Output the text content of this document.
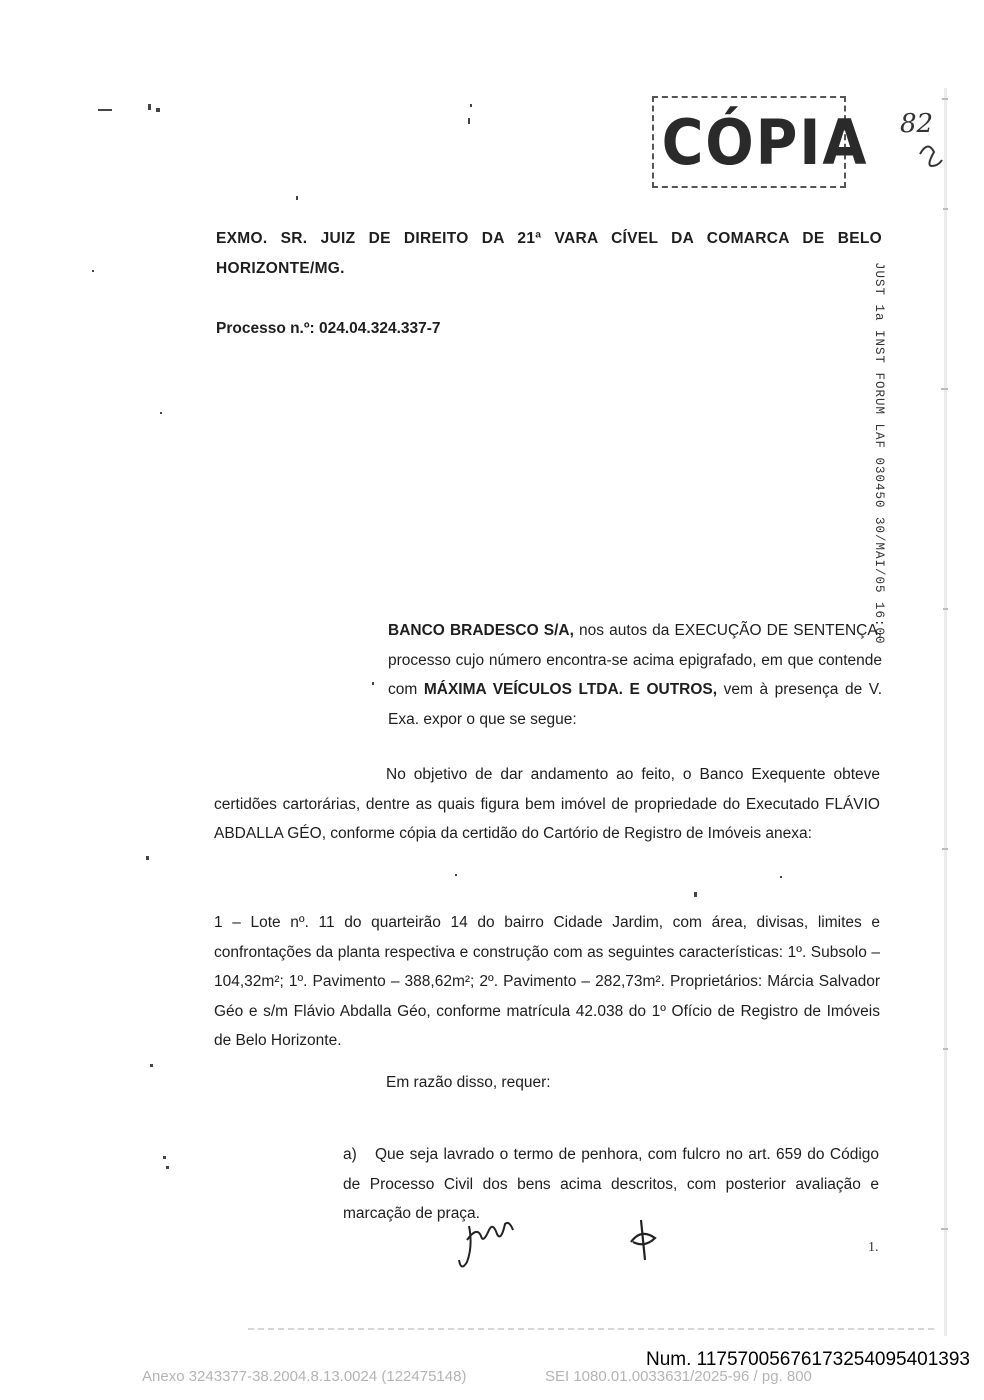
CÓPIA 82
EXMO. SR. JUIZ DE DIREITO DA 21ª VARA CÍVEL DA COMARCA DE BELO
HORIZONTE/MG.
Processo n.º: 024.04.324.337-7	JUST 1a INST FORUM LAF 030450 30/MAI/05 16:00
BANCO BRADESCO S/A, nos autos da EXECUÇÃO DE SENTENÇA, processo cujo número encontra-se acima epigrafado, em que contende com MÁXIMA VEÍCULOS LTDA. E OUTROS, vem à presença de V. Exa. expor o que se segue:
No objetivo de dar andamento ao feito, o Banco Exequente obteve certidões cartorárias, dentre as quais figura bem imóvel de propriedade do Executado FLÁVIO ABDALLA GÉO, conforme cópia da certidão do Cartório de Registro de Imóveis anexa:
1 – Lote nº. 11 do quarteirão 14 do bairro Cidade Jardim, com área, divisas, limites e confrontações da planta respectiva e construção com as seguintes características: 1º. Subsolo – 104,32m²; 1º. Pavimento – 388,62m²; 2º. Pavimento – 282,73m². Proprietários: Márcia Salvador Géo e s/m Flávio Abdalla Géo, conforme matrícula 42.038 do 1º Ofício de Registro de Imóveis de Belo Horizonte.
Em razão disso, requer:
a) Que seja lavrado o termo de penhora, com fulcro no art. 659 do Código de Processo Civil dos bens acima descritos, com posterior avaliação e marcação de praça.
1.
Anexo 3243377-38.2004.8.13.0024 (122475148)	SEI 1080.01.0033631/2025-96 / pg. 800
Num. 11757005676173254095401393
